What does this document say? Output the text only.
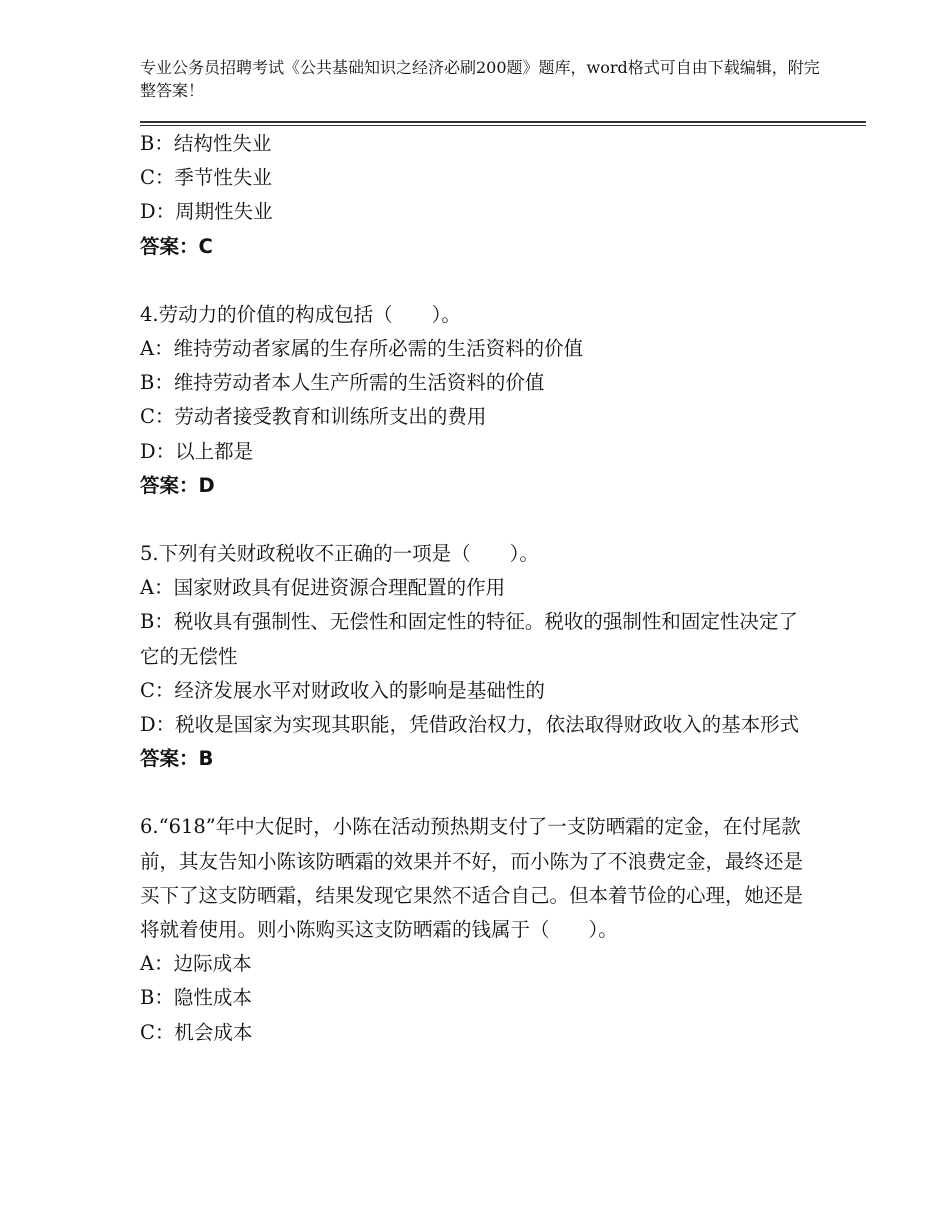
专业公务员招聘考试《公共基础知识之经济必刷200题》题库，word格式可自由下载编辑，附完整答案！
B：结构性失业
C：季节性失业
D：周期性失业
答案：C
4.劳动力的价值的构成包括（　　）。
A：维持劳动者家属的生存所必需的生活资料的价值
B：维持劳动者本人生产所需的生活资料的价值
C：劳动者接受教育和训练所支出的费用
D：以上都是
答案：D
5.下列有关财政税收不正确的一项是（　　）。
A：国家财政具有促进资源合理配置的作用
B：税收具有强制性、无偿性和固定性的特征。税收的强制性和固定性决定了它的无偿性
C：经济发展水平对财政收入的影响是基础性的
D：税收是国家为实现其职能，凭借政治权力，依法取得财政收入的基本形式
答案：B
6.“618”年中大促时，小陈在活动预热期支付了一支防晒霜的定金，在付尾款前，其友告知小陈该防晒霜的效果并不好，而小陈为了不浪费定金，最终还是买下了这支防晒霜，结果发现它果然不适合自己。但本着节俭的心理，她还是将就着使用。则小陈购买这支防晒霜的钱属于（　　）。
A：边际成本
B：隐性成本
C：机会成本
